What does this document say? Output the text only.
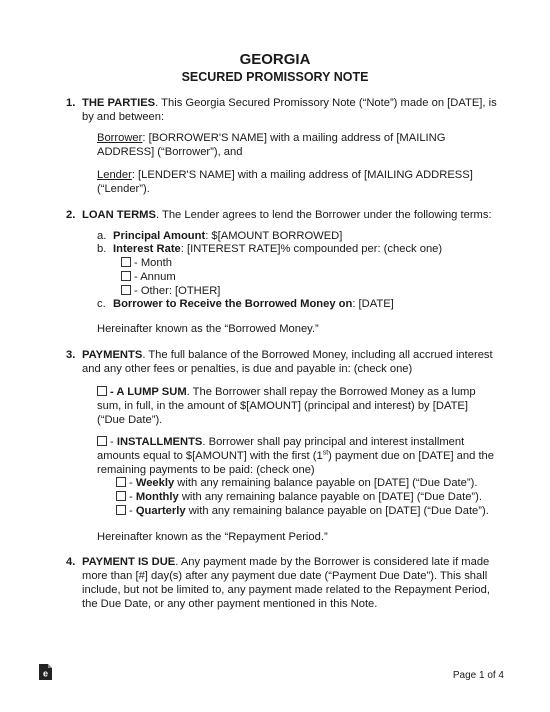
GEORGIA
SECURED PROMISSORY NOTE
1. THE PARTIES. This Georgia Secured Promissory Note (“Note”) made on [DATE], is
by and between:
Borrower: [BORROWER'S NAME] with a mailing address of [MAILING
ADDRESS] (“Borrower”), and
Lender: [LENDER'S NAME] with a mailing address of [MAILING ADDRESS]
(“Lender”).
2. LOAN TERMS. The Lender agrees to lend the Borrower under the following terms:
a. Principal Amount: $[AMOUNT BORROWED]
b. Interest Rate: [INTEREST RATE]% compounded per: (check one)
- Month
- Annum
- Other: [OTHER]
c. Borrower to Receive the Borrowed Money on: [DATE]
Hereinafter known as the “Borrowed Money.”
3. PAYMENTS. The full balance of the Borrowed Money, including all accrued interest
and any other fees or penalties, is due and payable in: (check one)
- A LUMP SUM. The Borrower shall repay the Borrowed Money as a lump
sum, in full, in the amount of $[AMOUNT] (principal and interest) by [DATE]
(“Due Date”).
- INSTALLMENTS. Borrower shall pay principal and interest installment
amounts equal to $[AMOUNT] with the first (1st) payment due on [DATE] and the
remaining payments to be paid: (check one)
- Weekly with any remaining balance payable on [DATE] (“Due Date”).
- Monthly with any remaining balance payable on [DATE] (“Due Date”).
- Quarterly with any remaining balance payable on [DATE] (“Due Date”).
Hereinafter known as the “Repayment Period.”
4. PAYMENT IS DUE. Any payment made by the Borrower is considered late if made
more than [#] day(s) after any payment due date (“Payment Due Date”). This shall
include, but not be limited to, any payment made related to the Repayment Period,
the Due Date, or any other payment mentioned in this Note.
e	Page 1 of 4
